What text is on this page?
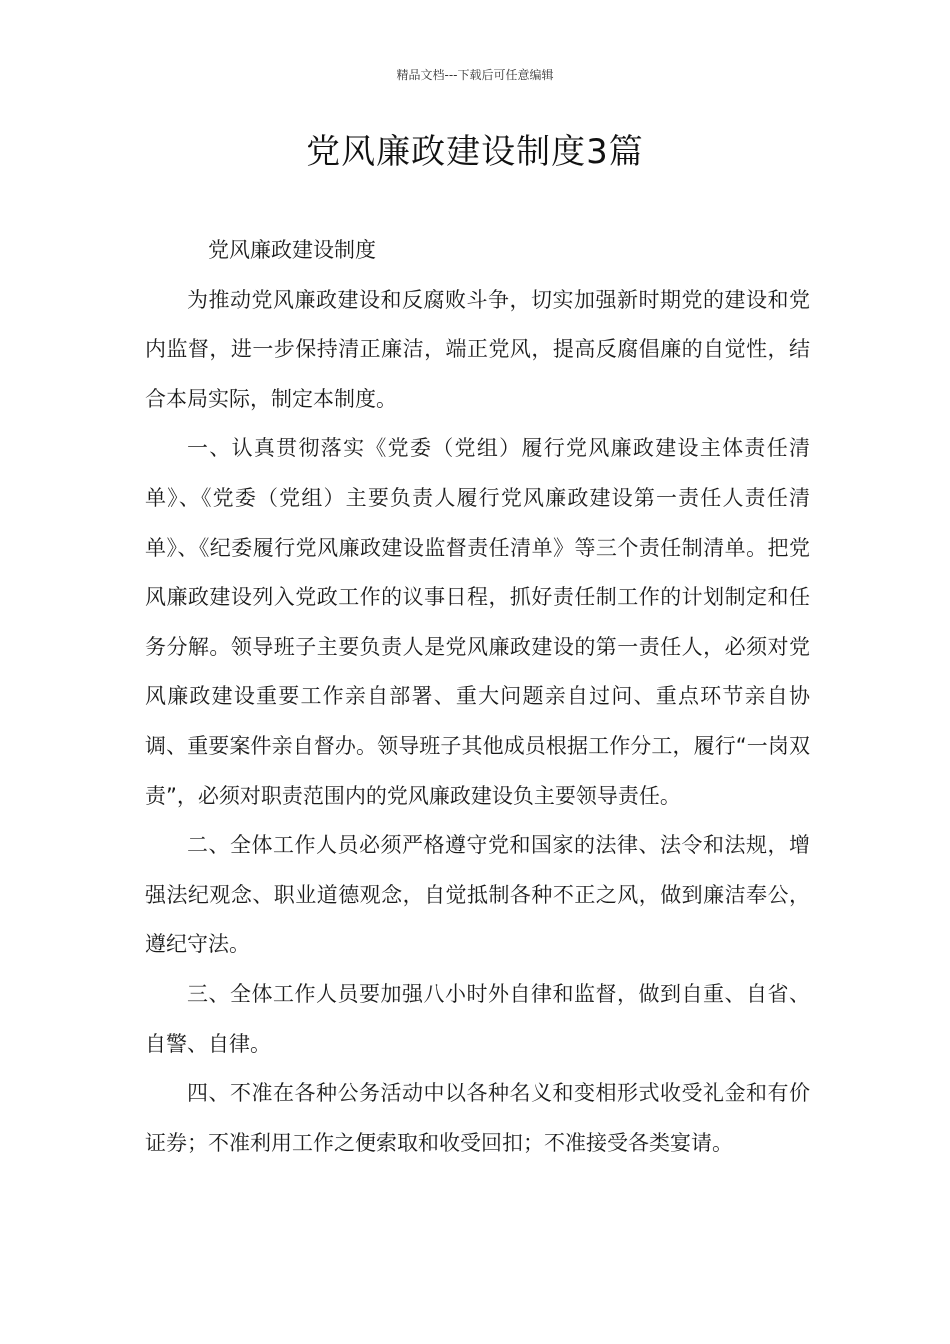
精品文档---下载后可任意编辑
党风廉政建设制度3篇

党风廉政建设制度

为推动党风廉政建设和反腐败斗争，切实加强新时期党的建设和党内监督，进一步保持清正廉洁，端正党风，提高反腐倡廉的自觉性，结合本局实际，制定本制度。

一、认真贯彻落实《党委（党组）履行党风廉政建设主体责任清单》、《党委（党组）主要负责人履行党风廉政建设第一责任人责任清单》、《纪委履行党风廉政建设监督责任清单》等三个责任制清单。把党风廉政建设列入党政工作的议事日程，抓好责任制工作的计划制定和任务分解。领导班子主要负责人是党风廉政建设的第一责任人，必须对党风廉政建设重要工作亲自部署、重大问题亲自过问、重点环节亲自协调、重要案件亲自督办。领导班子其他成员根据工作分工，履行“一岗双责”，必须对职责范围内的党风廉政建设负主要领导责任。

二、全体工作人员必须严格遵守党和国家的法律、法令和法规，增强法纪观念、职业道德观念，自觉抵制各种不正之风，做到廉洁奉公，遵纪守法。

三、全体工作人员要加强八小时外自律和监督，做到自重、自省、自警、自律。

四、不准在各种公务活动中以各种名义和变相形式收受礼金和有价证券；不准利用工作之便索取和收受回扣；不准接受各类宴请。
